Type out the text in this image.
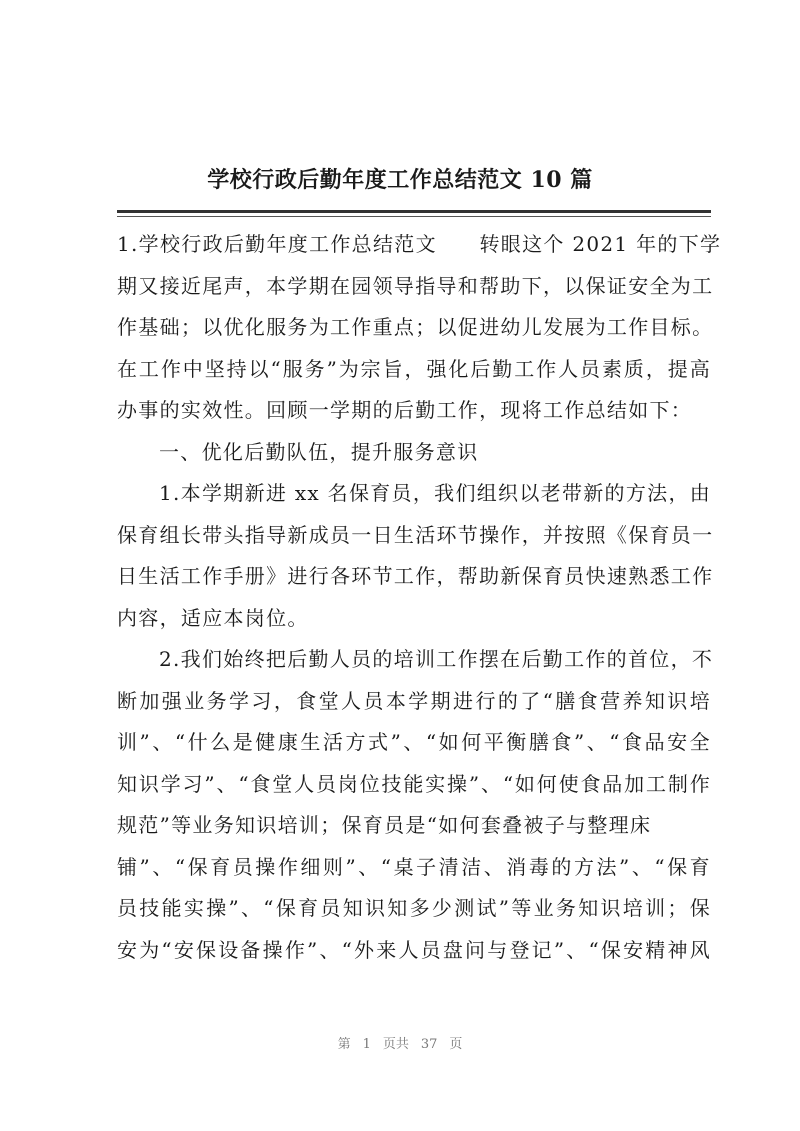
学校行政后勤年度工作总结范文 10 篇
1.学校行政后勤年度工作总结范文　　转眼这个 2021 年的下学
期又接近尾声，本学期在园领导指导和帮助下，以保证安全为工
作基础；以优化服务为工作重点；以促进幼儿发展为工作目标。
在工作中坚持以“服务”为宗旨，强化后勤工作人员素质，提高
办事的实效性。回顾一学期的后勤工作，现将工作总结如下：
一、优化后勤队伍，提升服务意识
1.本学期新进 xx 名保育员，我们组织以老带新的方法，由
保育组长带头指导新成员一日生活环节操作，并按照《保育员一
日生活工作手册》进行各环节工作，帮助新保育员快速熟悉工作
内容，适应本岗位。
2.我们始终把后勤人员的培训工作摆在后勤工作的首位，不
断加强业务学习，食堂人员本学期进行的了“膳食营养知识培
训”、“什么是健康生活方式”、“如何平衡膳食”、“食品安全
知识学习”、“食堂人员岗位技能实操”、“如何使食品加工制作
规范”等业务知识培训；保育员是“如何套叠被子与整理床
铺”、“保育员操作细则”、“桌子清洁、消毒的方法”、“保育
员技能实操”、“保育员知识知多少测试”等业务知识培训；保
安为“安保设备操作”、“外来人员盘问与登记”、“保安精神风
第 1 页共 37 页
